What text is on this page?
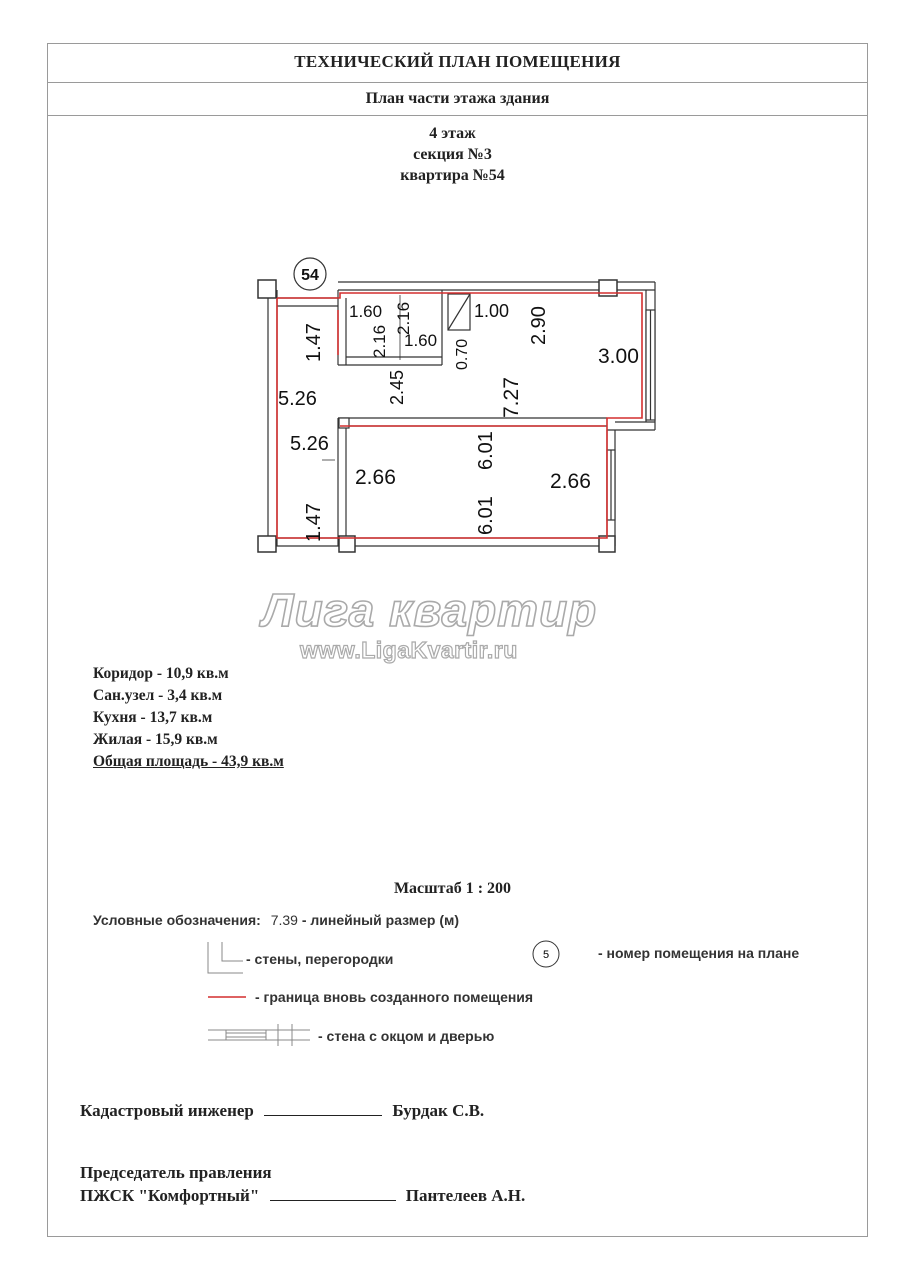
ТЕХНИЧЕСКИЙ ПЛАН ПОМЕЩЕНИЯ
План части этажа здания
4 этаж
секция №3
квартира №54
54
1.47
5.26
1.60 2.16
2.16 1.60 0.70
1.00 2.90
3.00
2.45	7.27
5.26	6.01
2.66	2.66
6.01
1.47
Лига квартир
www.LigaKvartir.ru
Коридор - 10,9 кв.м
Сан.узел - 3,4 кв.м
Кухня - 13,7 кв.м
Жилая - 15,9 кв.м
Общая площадь - 43,9 кв.м
Масштаб 1 : 200
Условные обозначения: 7.39 - линейный размер (м)
- стены, перегородки	5	- номер помещения на плане
- граница вновь созданного помещения
- стена с окцом и дверью
Кадастровый инженер	Бурдак С.В.
Председатель правления
ПЖСК "Комфортный"	Пантелеев А.Н.
